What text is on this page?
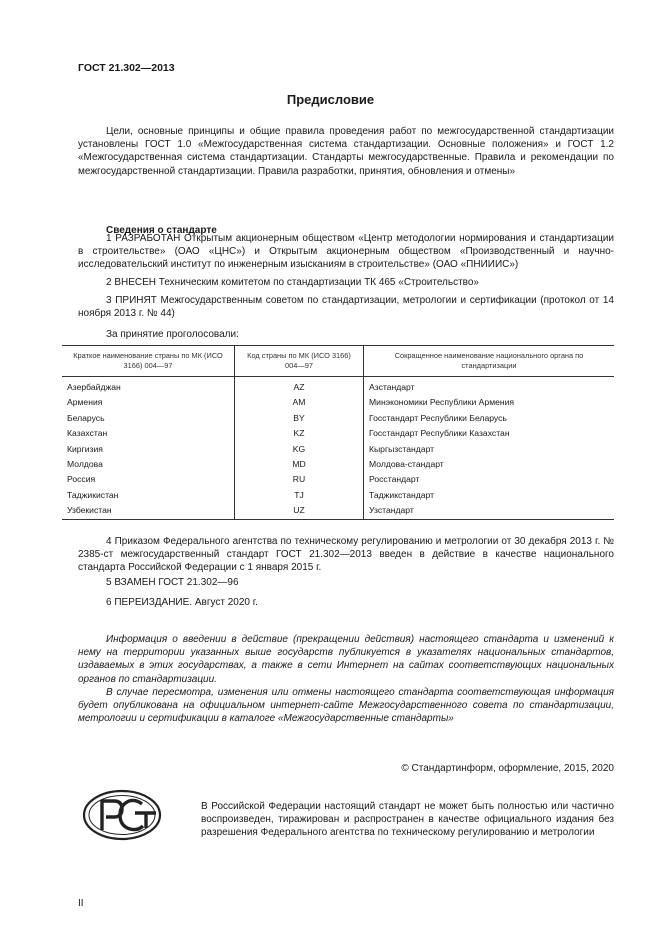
ГОСТ 21.302—2013
Предисловие

Цели, основные принципы и общие правила проведения работ по межгосударственной стандартизации установлены ГОСТ 1.0 «Межгосударственная система стандартизации. Основные положения» и ГОСТ 1.2 «Межгосударственная система стандартизации. Стандарты межгосударственные. Правила и рекомендации по межгосударственной стандартизации. Правила разработки, принятия, обновления и отмены»

Сведения о стандарте

1 РАЗРАБОТАН Открытым акционерным обществом «Центр методологии нормирования и стандартизации в строительстве» (ОАО «ЦНС») и Открытым акционерным обществом «Производственный и научно-исследовательский институт по инженерным изысканиям в строительстве» (ОАО «ПНИИИС»)

2 ВНЕСЕН Техническим комитетом по стандартизации ТК 465 «Строительство»

3 ПРИНЯТ Межгосударственным советом по стандартизации, метрологии и сертификации (протокол от 14 ноября 2013 г. № 44)

За принятие проголосовали:

Краткое наименование страны по МК (ИСО 3166) 004—97	Код страны по МК (ИСО 3166) 004—97	Сокращенное наименование национального органа по стандартизации
Азербайджан	AZ	Азстандарт
Армения	AM	Минэкономики Республики Армения
Беларусь	BY	Госстандарт Республики Беларусь
Казахстан	KZ	Госстандарт Республики Казахстан
Киргизия	KG	Кыргызстандарт
Молдова	MD	Молдова-стандарт
Россия	RU	Росстандарт
Таджикистан	TJ	Таджикстандарт
Узбекистан	UZ	Узстандарт

4 Приказом Федерального агентства по техническому регулированию и метрологии от 30 декабря 2013 г. № 2385-ст межгосударственный стандарт ГОСТ 21.302—2013 введен в действие в качестве национального стандарта Российской Федерации с 1 января 2015 г.

5 ВЗАМЕН ГОСТ 21.302—96

6 ПЕРЕИЗДАНИЕ. Август 2020 г.

Информация о введении в действие (прекращении действия) настоящего стандарта и изменений к нему на территории указанных выше государств публикуется в указателях национальных стандартов, издаваемых в этих государствах, а также в сети Интернет на сайтах соответствующих национальных органов по стандартизации.

В случае пересмотра, изменения или отмены настоящего стандарта соответствующая информация будет опубликована на официальном интернет-сайте Межгосударственного совета по стандартизации, метрологии и сертификации в каталоге «Межгосударственные стандарты»

© Стандартинформ, оформление, 2015, 2020

В Российской Федерации настоящий стандарт не может быть полностью или частично воспроизведен, тиражирован и распространен в качестве официального издания без разрешения Федерального агентства по техническому регулированию и метрологии

II
